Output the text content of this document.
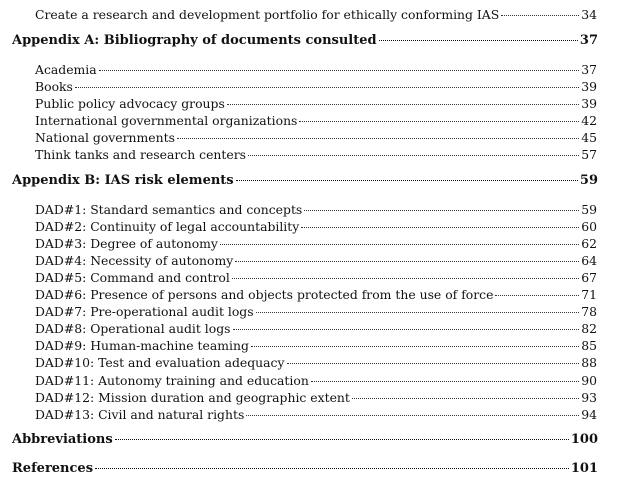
Create a research and development portfolio for ethically conforming IAS	34
Appendix A: Bibliography of documents consulted	37
Academia	37
Books	39
Public policy advocacy groups	39
International governmental organizations	42
National governments	45
Think tanks and research centers	57
Appendix B: IAS risk elements	59
DAD#1: Standard semantics and concepts	59
DAD#2: Continuity of legal accountability	60
DAD#3: Degree of autonomy	62
DAD#4: Necessity of autonomy	64
DAD#5: Command and control	67
DAD#6: Presence of persons and objects protected from the use of force	71
DAD#7: Pre-operational audit logs	78
DAD#8: Operational audit logs	82
DAD#9: Human-machine teaming	85
DAD#10: Test and evaluation adequacy	88
DAD#11: Autonomy training and education	90
DAD#12: Mission duration and geographic extent	93
DAD#13: Civil and natural rights	94
Abbreviations	100
References	101
